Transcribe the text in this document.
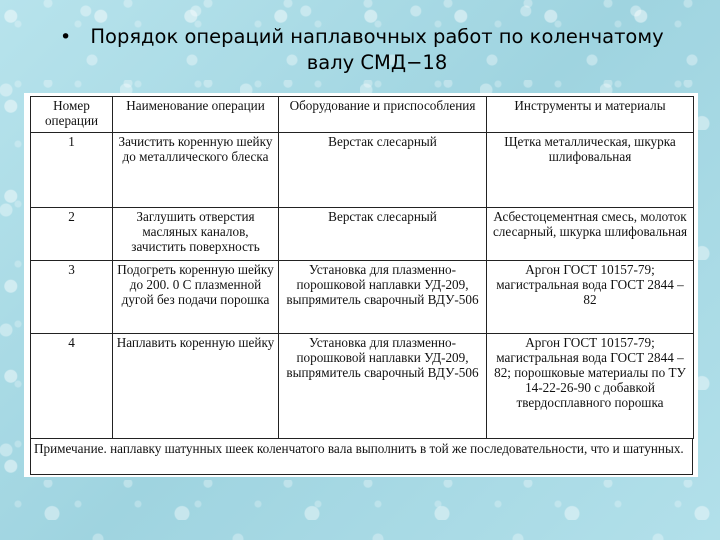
• Порядок операций наплавочных работ по коленчатому валу СМД−18
Номер операции	Наименование операции	Оборудование и приспособления	Инструменты и материалы
1	Зачистить коренную шейку до металлического блеска	Верстак слесарный	Щетка металлическая, шкурка шлифовальная
2	Заглушить отверстия масляных каналов, зачистить поверхность	Верстак слесарный	Асбестоцементная смесь, молоток слесарный, шкурка шлифовальная
3	Подогреть коренную шейку до 200. 0 С плазменной дугой без подачи порошка	Установка для плазменно-порошковой наплавки УД-209, выпрямитель сварочный ВДУ-506	Аргон ГОСТ 10157-79; магистральная вода ГОСТ 2844 – 82
4	Наплавить коренную шейку	Установка для плазменно-порошковой наплавки УД-209, выпрямитель сварочный ВДУ-506	Аргон ГОСТ 10157-79; магистральная вода ГОСТ 2844 – 82; порошковые материалы по ТУ 14-22-26-90 с добавкой твердосплавного порошка
Примечание. наплавку шатунных шеек коленчатого вала выполнить в той же последовательности, что и шатунных.
